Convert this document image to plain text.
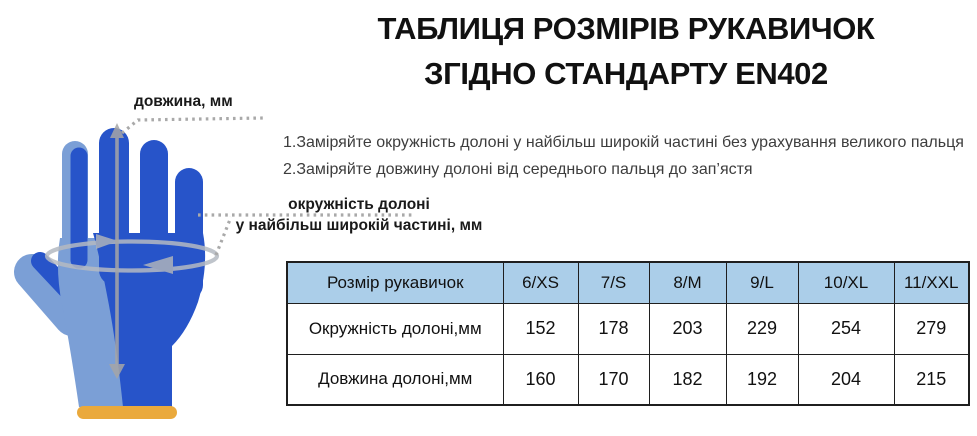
ТАБЛИЦЯ РОЗМІРІВ РУКАВИЧОК
ЗГІДНО СТАНДАРТУ EN402
1.Заміряйте окружність долоні у найбільш широкій частині без урахування великого пальця
2.Заміряйте довжину долоні від середнього пальця до зап’ястя
довжина, мм
окружність долоні
у найбільш широкій частині, мм
Розмір рукавичок	6/XS	7/S	8/M	9/L	10/XL	11/XXL
Окружність долоні,мм	152	178	203	229	254	279
Довжина долоні,мм	160	170	182	192	204	215
